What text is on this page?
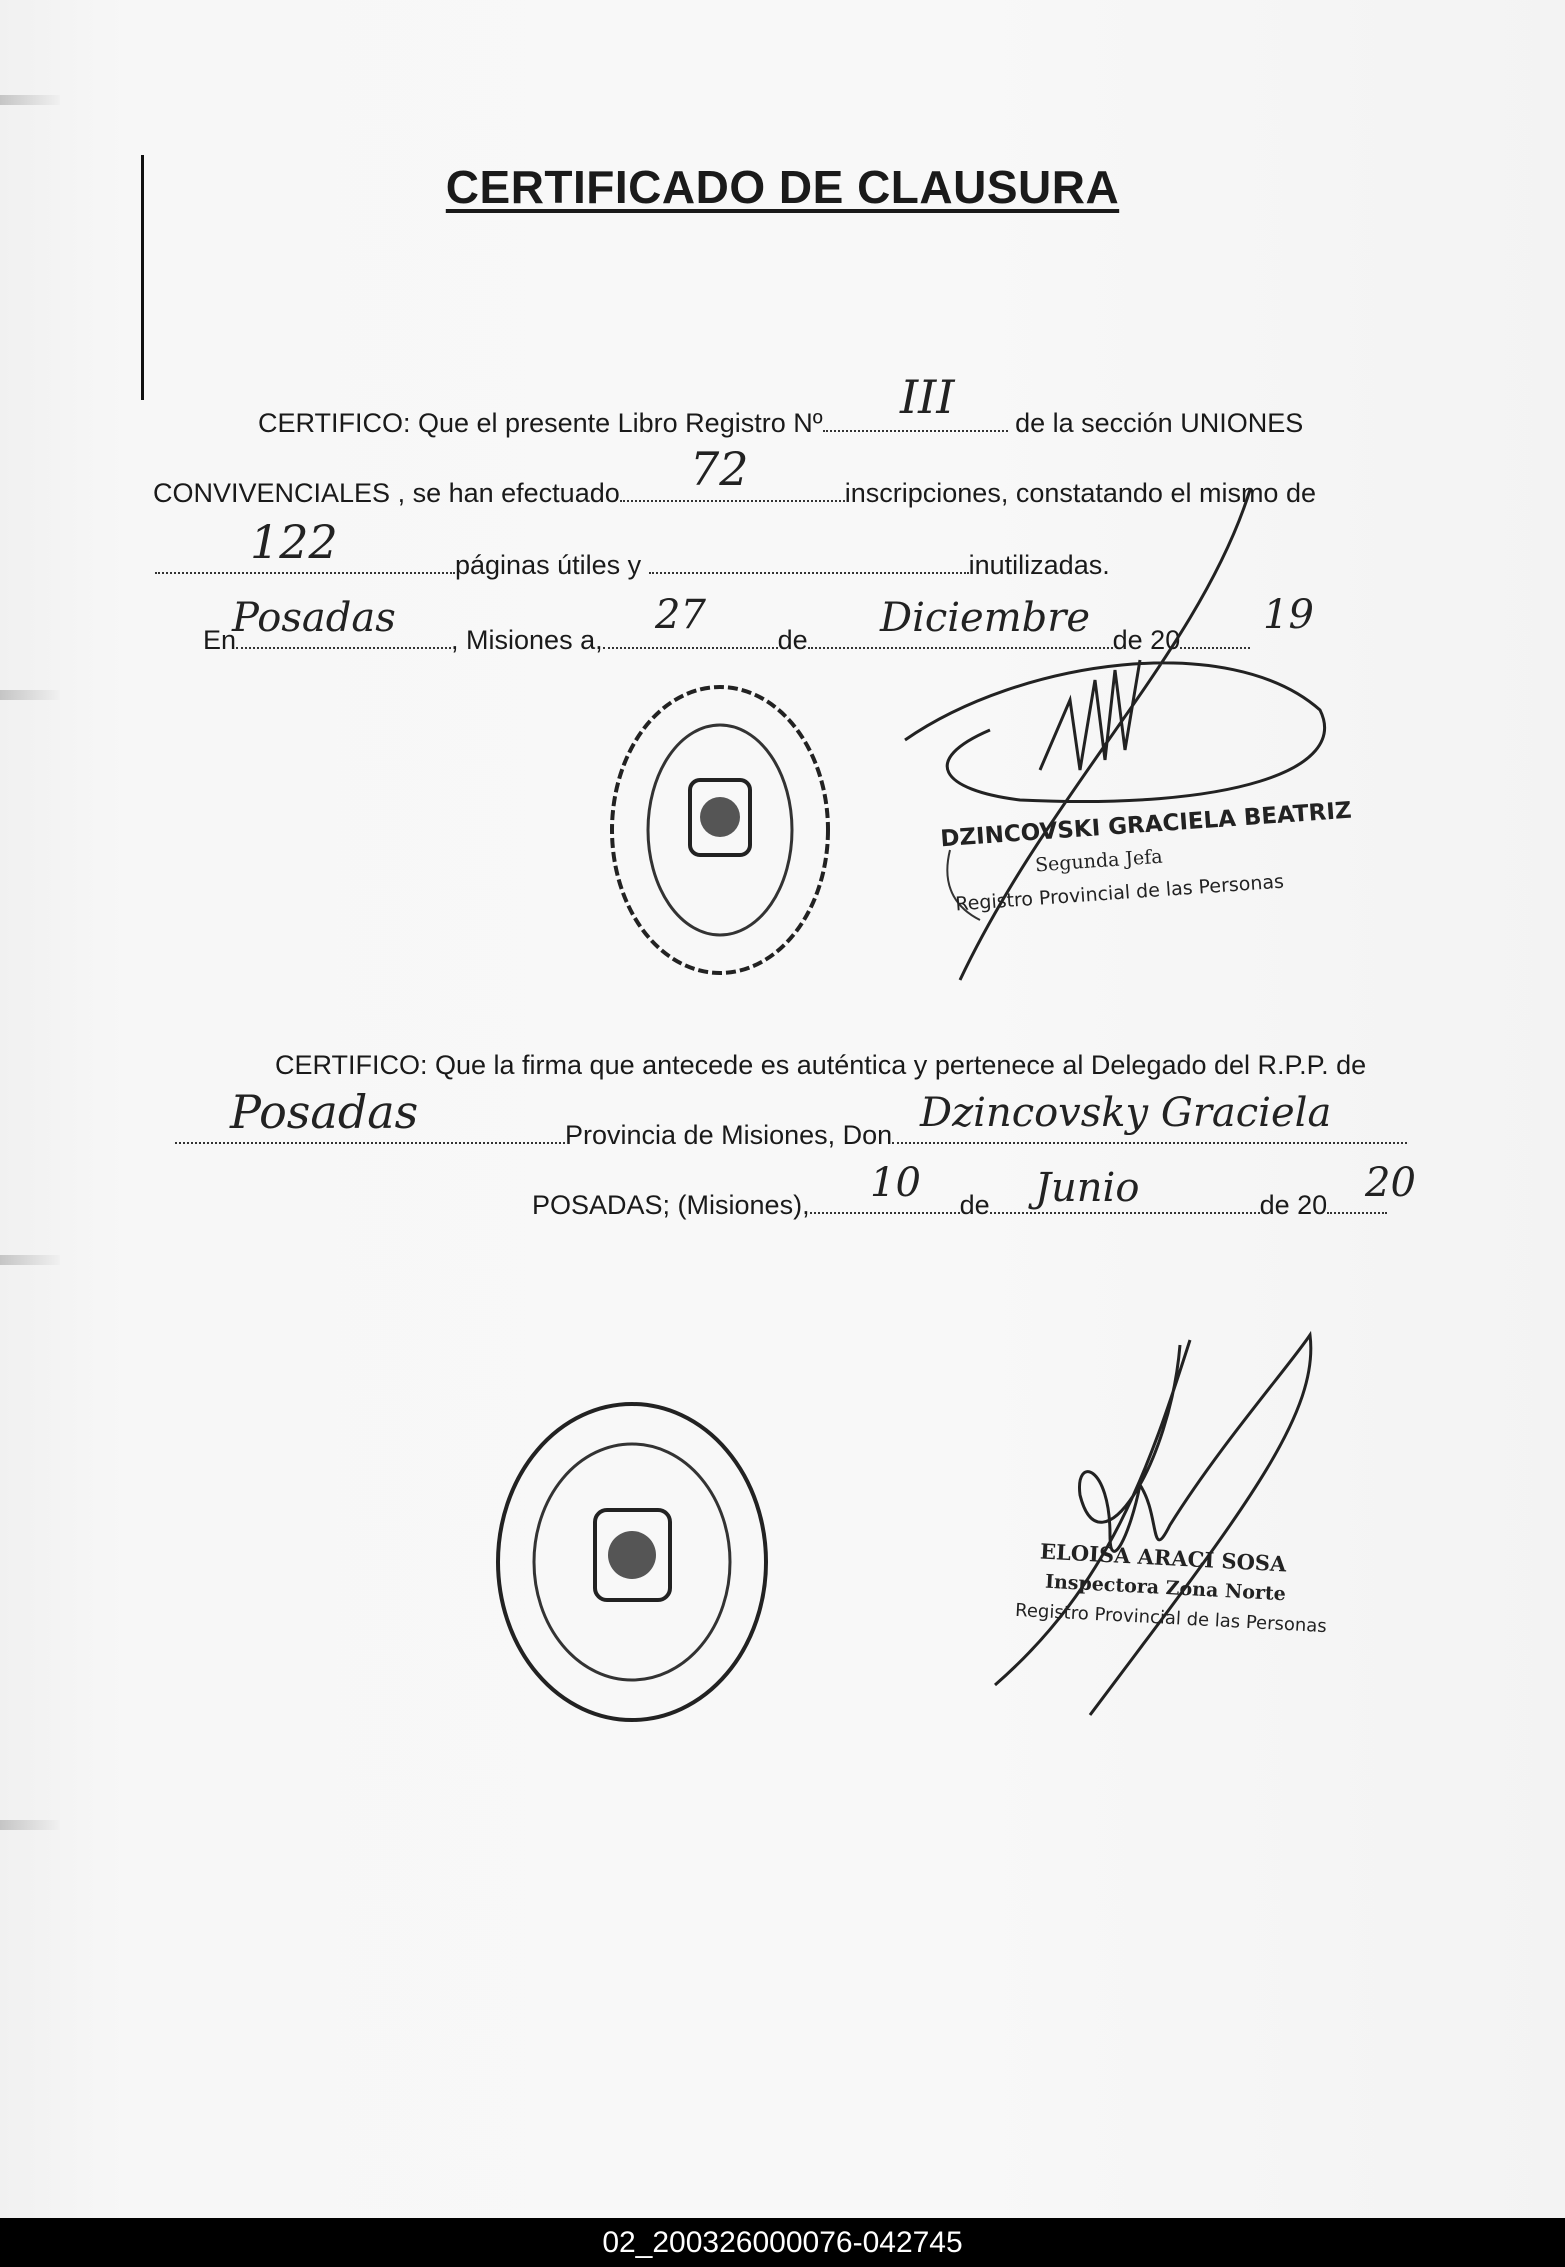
CERTIFICADO DE CLAUSURA
CERTIFICO: Que el presente Libro Registro Nº	de la sección UNIONES
III
CONVIVENCIALES , se han efectuado	inscripciones, constatando el mismo de
72
páginas útiles y	inutilizadas.
122
En	, Misiones a,	de	de 20
Posadas	27	Diciembre	19
DZINCOVSKI GRACIELA BEATRIZ
Segunda Jefa
Registro Provincial de las Personas
CERTIFICO: Que la firma que antecede es auténtica y pertenece al Delegado del R.P.P. de
Provincia de Misiones, Don
Posadas	Dzincovsky Graciela
POSADAS; (Misiones),	de	de 20
10	Junio	20
ELOISA ARACI SOSA
Inspectora Zona Norte
Registro Provincial de las Personas
02_200326000076-042745
